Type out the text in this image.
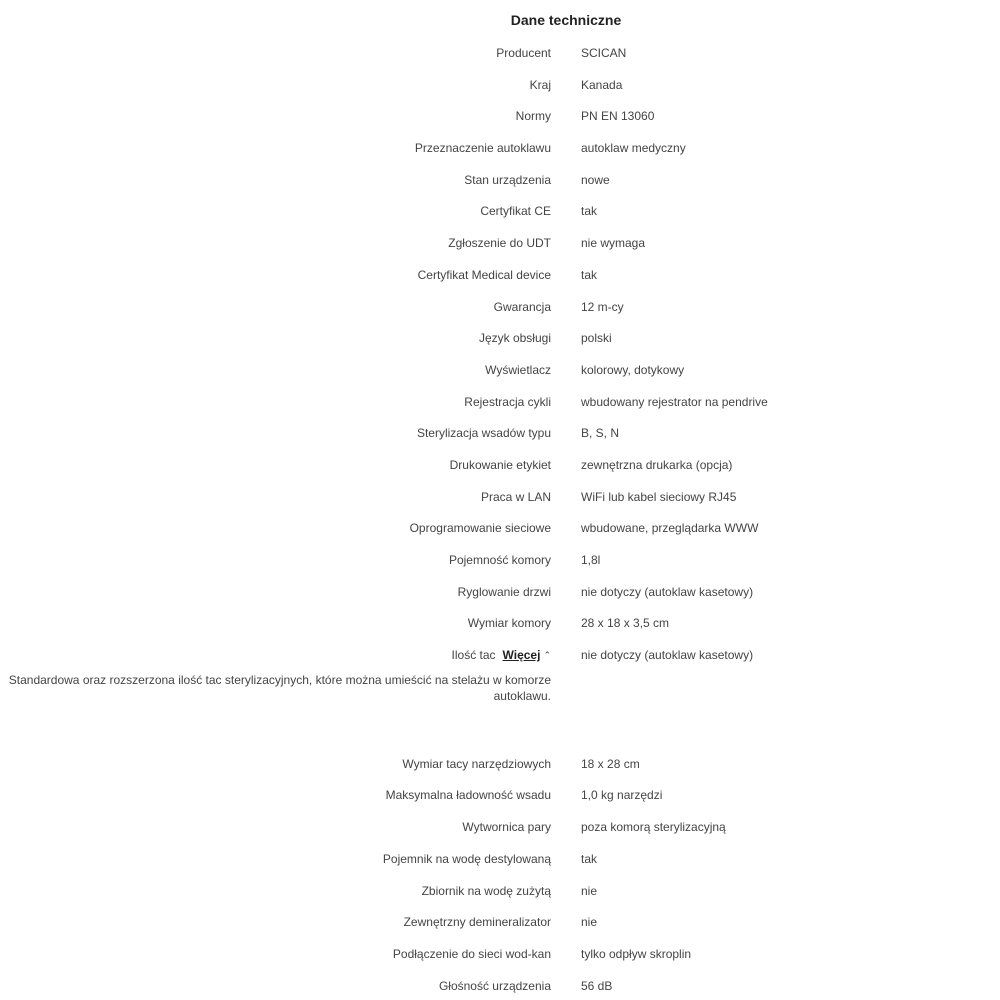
Dane techniczne
Producent	SCICAN
Kraj	Kanada
Normy	PN EN 13060
Przeznaczenie autoklawu	autoklaw medyczny
Stan urządzenia	nowe
Certyfikat CE	tak
Zgłoszenie do UDT	nie wymaga
Certyfikat Medical device	tak
Gwarancja	12 m-cy
Język obsługi	polski
Wyświetlacz	kolorowy, dotykowy
Rejestracja cykli	wbudowany rejestrator na pendrive
Sterylizacja wsadów typu	B, S, N
Drukowanie etykiet	zewnętrzna drukarka (opcja)
Praca w LAN	WiFi lub kabel sieciowy RJ45
Oprogramowanie sieciowe	wbudowane, przeglądarka WWW
Pojemność komory	1,8l
Ryglowanie drzwi	nie dotyczy (autoklaw kasetowy)
Wymiar komory	28 x 18 x 3,5 cm
Ilość tac Więcej ⌃	nie dotyczy (autoklaw kasetowy)
Standardowa oraz rozszerzona ilość tac sterylizacyjnych, które można umieścić na stelażu w komorze autoklawu.
Wymiar tacy narzędziowych	18 x 28 cm
Maksymalna ładowność wsadu	1,0 kg narzędzi
Wytwornica pary	poza komorą sterylizacyjną
Pojemnik na wodę destylowaną	tak
Zbiornik na wodę zużytą	nie
Zewnętrzny demineralizator	nie
Podłączenie do sieci wod-kan	tylko odpływ skroplin
Głośność urządzenia	56 dB
